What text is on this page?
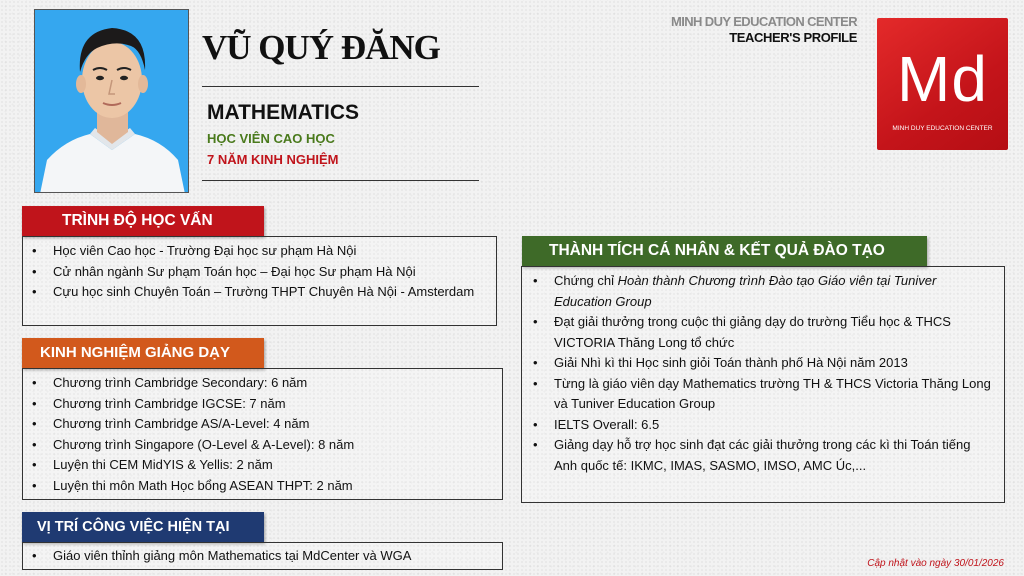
VŨ QUÝ ĐĂNG
MATHEMATICS
HỌC VIÊN CAO HỌC
7 NĂM KINH NGHIỆM
MINH DUY EDUCATION CENTER
TEACHER'S PROFILE
Md
MINH DUY EDUCATION CENTER
TRÌNH ĐỘ HỌC VẤN
• Học viên Cao học - Trường Đại học sư phạm Hà Nội
• Cử nhân ngành Sư phạm Toán học – Đại học Sư phạm Hà Nội
• Cựu học sinh Chuyên Toán – Trường THPT Chuyên Hà Nội - Amsterdam
KINH NGHIỆM GIẢNG DẠY
• Chương trình Cambridge Secondary: 6 năm
• Chương trình Cambridge IGCSE: 7 năm
• Chương trình Cambridge AS/A-Level: 4 năm
• Chương trình Singapore (O-Level & A-Level): 8 năm
• Luyện thi CEM MidYIS & Yellis: 2 năm
• Luyện thi môn Math Học bổng ASEAN THPT: 2 năm
VỊ TRÍ CÔNG VIỆC HIỆN TẠI
• Giáo viên thỉnh giảng môn Mathematics tại MdCenter và WGA
THÀNH TÍCH CÁ NHÂN & KẾT QUẢ ĐÀO TẠO
• Chứng chỉ Hoàn thành Chương trình Đào tạo Giáo viên tại Tuniver Education Group
• Đạt giải thưởng trong cuộc thi giảng dạy do trường Tiểu học & THCS VICTORIA Thăng Long tổ chức
• Giải Nhì kì thi Học sinh giỏi Toán thành phố Hà Nội năm 2013
• Từng là giáo viên dạy Mathematics trường TH & THCS Victoria Thăng Long và Tuniver Education Group
• IELTS Overall: 6.5
• Giảng dạy hỗ trợ học sinh đạt các giải thưởng trong các kì thi Toán tiếng Anh quốc tế: IKMC, IMAS, SASMO, IMSO, AMC Úc,...
Cập nhật vào ngày 30/01/2026
